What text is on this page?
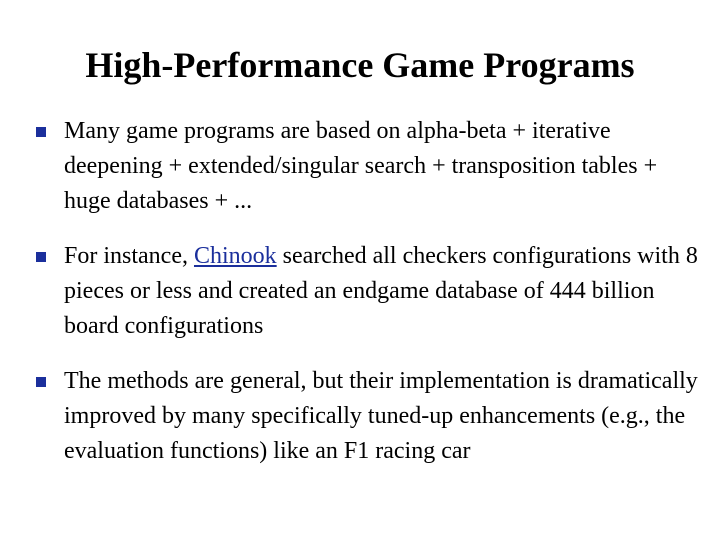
High-Performance Game Programs
Many game programs are based on alpha-beta + iterative deepening + extended/singular search + transposition tables + huge databases + ...
For instance, Chinook searched all checkers configurations with 8 pieces or less and created an endgame database of 444 billion board configurations
The methods are general, but their implementation is dramatically improved by many specifically tuned-up enhancements (e.g., the evaluation functions) like an F1 racing car
